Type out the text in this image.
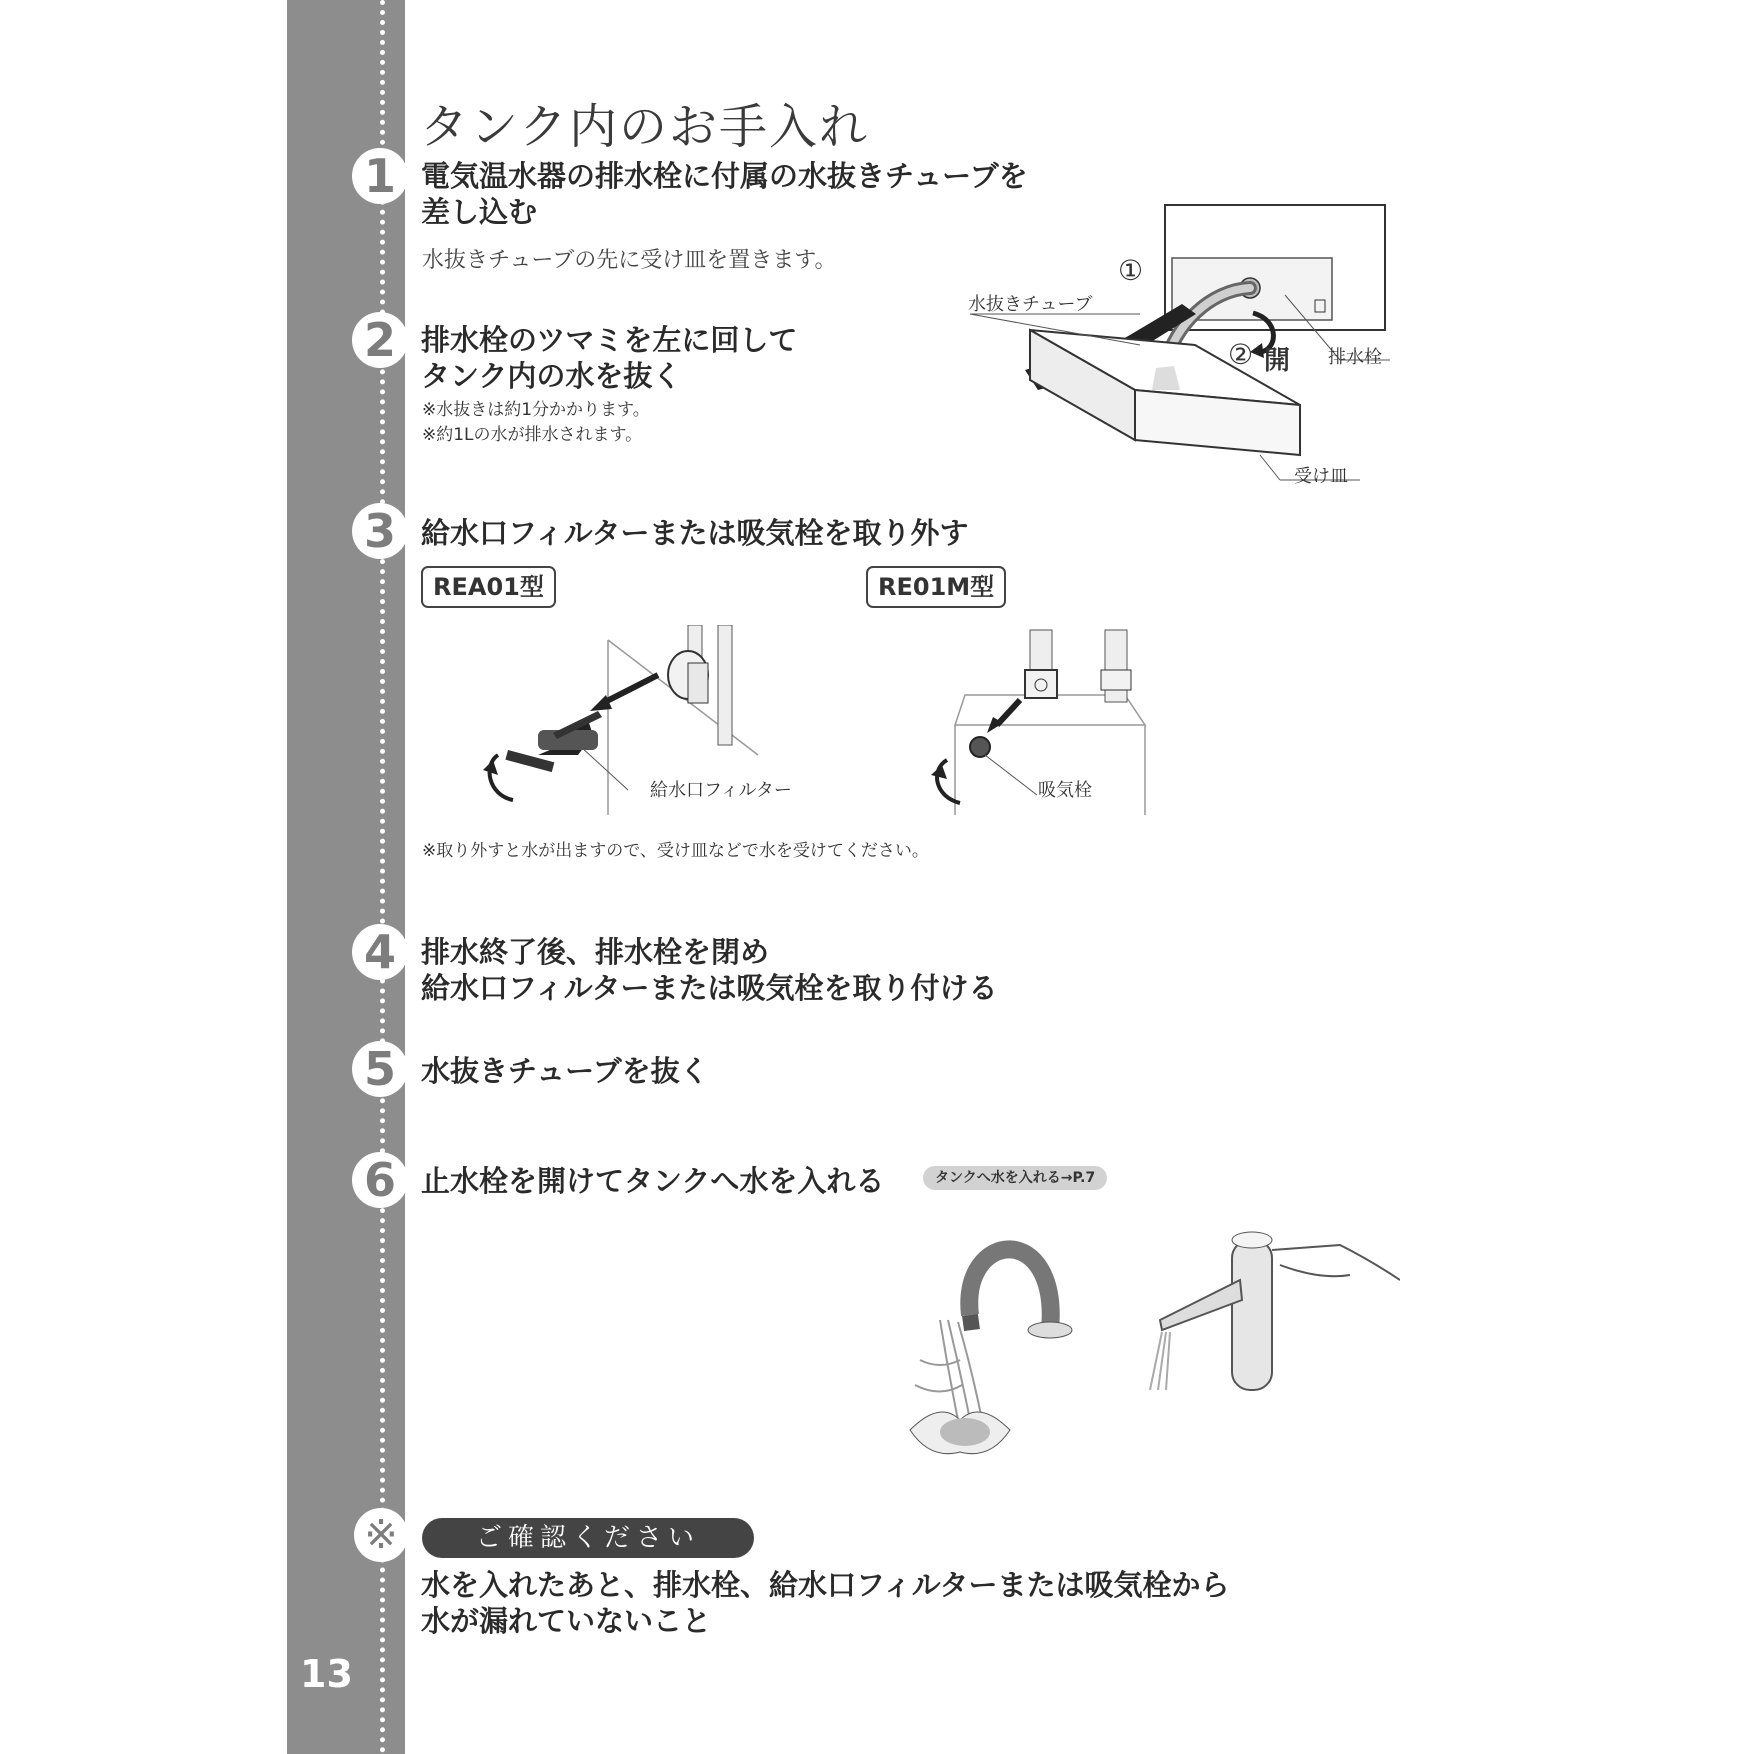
13
タンク内のお手入れ
1 電気温水器の排水栓に付属の水抜きチューブを
差し込む
水抜きチューブの先に受け皿を置きます。
2 排水栓のツマミを左に回して
タンク内の水を抜く
※水抜きは約1分かかります。
※約1Lの水が排水されます。
①
② 開
水抜きチューブ
排水栓
受け皿
3 給水口フィルターまたは吸気栓を取り外す
REA01型	RE01M型
給水口フィルター	吸気栓
※取り外すと水が出ますので、受け皿などで水を受けてください。
4 排水終了後、排水栓を閉め
給水口フィルターまたは吸気栓を取り付ける
5 水抜きチューブを抜く
6 止水栓を開けてタンクへ水を入れる	タンクへ水を入れる→P.7
※	ご確認ください
水を入れたあと、排水栓、給水口フィルターまたは吸気栓から
水が漏れていないこと
